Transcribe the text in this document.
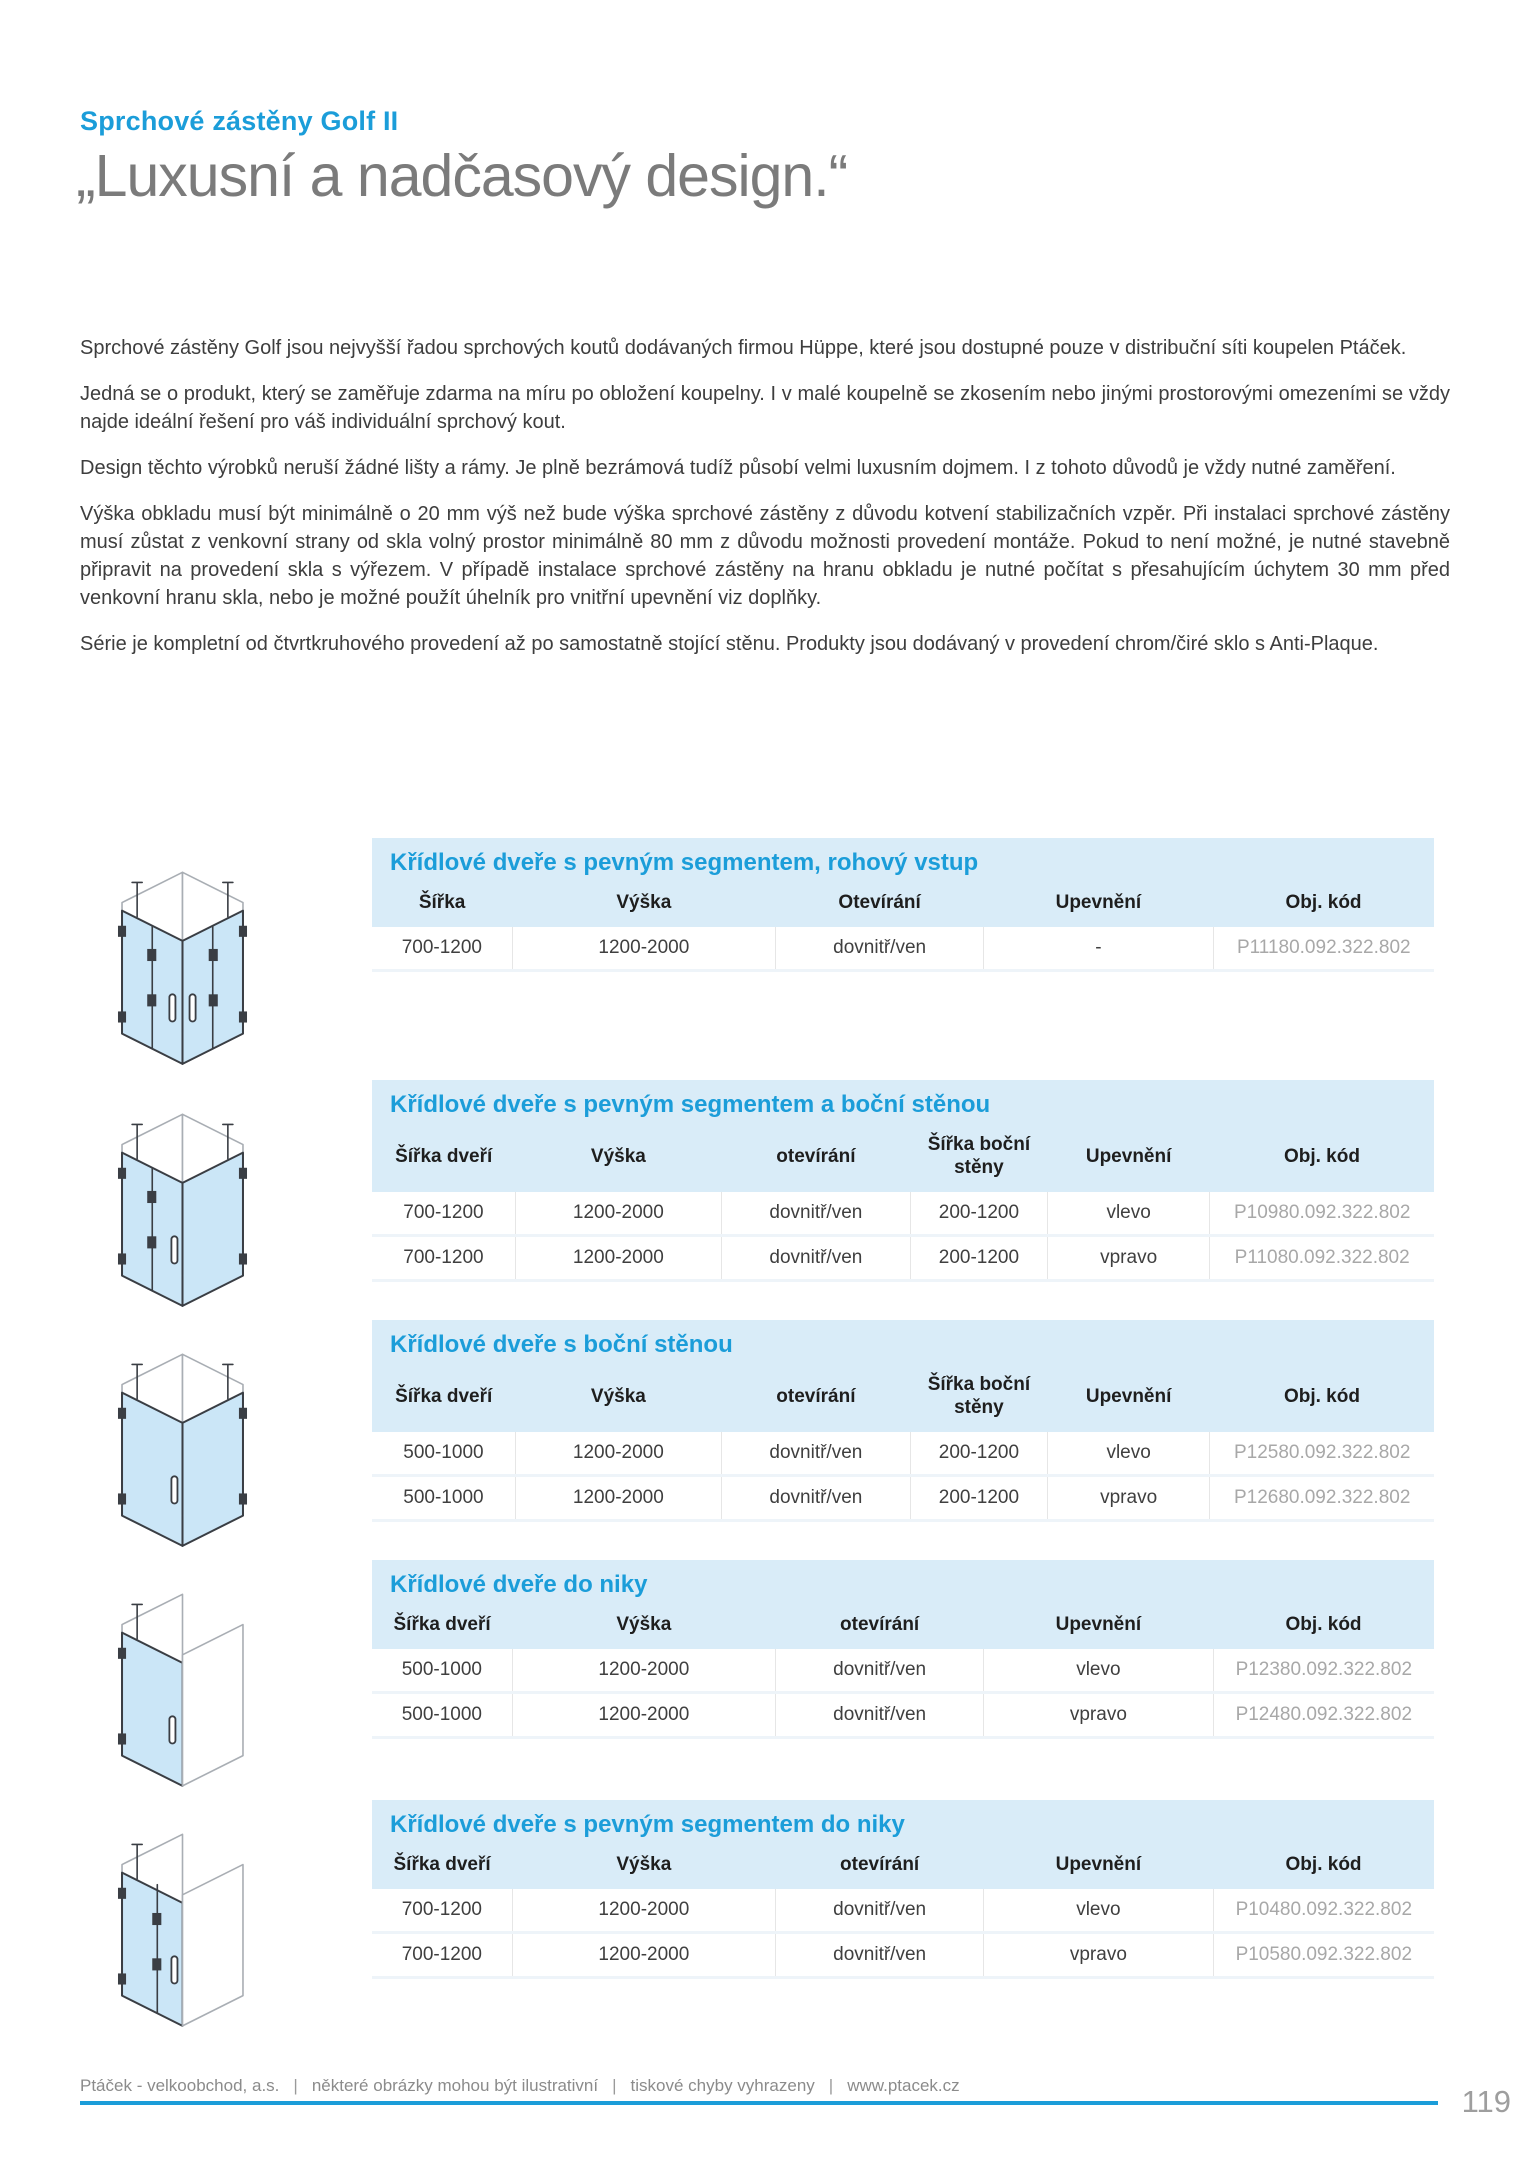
Sprchové zástěny Golf II
„Luxusní a nadčasový design.“

Sprchové zástěny Golf jsou nejvyšší řadou sprchových koutů dodávaných firmou Hüppe, které jsou dostupné pouze v distribuční síti koupelen Ptáček.

Jedná se o produkt, který se zaměřuje zdarma na míru po obložení koupelny. I v malé koupelně se zkosením nebo jinými prostorovými omezeními se vždy najde ideální řešení pro váš individuální sprchový kout.

Design těchto výrobků neruší žádné lišty a rámy. Je plně bezrámová tudíž působí velmi luxusním dojmem. I z tohoto důvodů je vždy nutné zaměření.

Výška obkladu musí být minimálně o 20 mm výš než bude výška sprchové zástěny z důvodu kotvení stabilizačních vzpěr. Při instalaci sprchové zástěny musí zůstat z venkovní strany od skla volný prostor minimálně 80 mm z důvodu možnosti provedení montáže. Pokud to není možné, je nutné stavebně připravit na provedení skla s výřezem. V případě instalace sprchové zástěny na hranu obkladu je nutné počítat s přesahujícím úchytem 30 mm před venkovní hranu skla, nebo je možné použít úhelník pro vnitřní upevnění viz doplňky.

Série je kompletní od čtvrtkruhového provedení až po samostatně stojící stěnu. Produkty jsou dodávaný v provedení chrom/čiré sklo s Anti-Plaque.

Křídlové dveře s pevným segmentem, rohový vstup
Šířka	Výška	Otevírání	Upevnění	Obj. kód
700-1200	1200-2000	dovnitř/ven	-	P11180.092.322.802
Křídlové dveře s pevným segmentem a boční stěnou
Šířka dveří	Výška	otevírání	Šířka boční stěny	Upevnění	Obj. kód
700-1200	1200-2000	dovnitř/ven	200-1200	vlevo	P10980.092.322.802
700-1200	1200-2000	dovnitř/ven	200-1200	vpravo	P11080.092.322.802
Křídlové dveře s boční stěnou
Šířka dveří	Výška	otevírání	Šířka boční stěny	Upevnění	Obj. kód
500-1000	1200-2000	dovnitř/ven	200-1200	vlevo	P12580.092.322.802
500-1000	1200-2000	dovnitř/ven	200-1200	vpravo	P12680.092.322.802
Křídlové dveře do niky
Šířka dveří	Výška	otevírání	Upevnění	Obj. kód
500-1000	1200-2000	dovnitř/ven	vlevo	P12380.092.322.802
500-1000	1200-2000	dovnitř/ven	vpravo	P12480.092.322.802
Křídlové dveře s pevným segmentem do niky
Šířka dveří	Výška	otevírání	Upevnění	Obj. kód
700-1200	1200-2000	dovnitř/ven	vlevo	P10480.092.322.802
700-1200	1200-2000	dovnitř/ven	vpravo	P10580.092.322.802
Ptáček - velkoobchod, a.s.	| některé obrázky mohou být ilustrativní	| tiskové chyby vyhrazeny	| www.ptacek.cz	119
